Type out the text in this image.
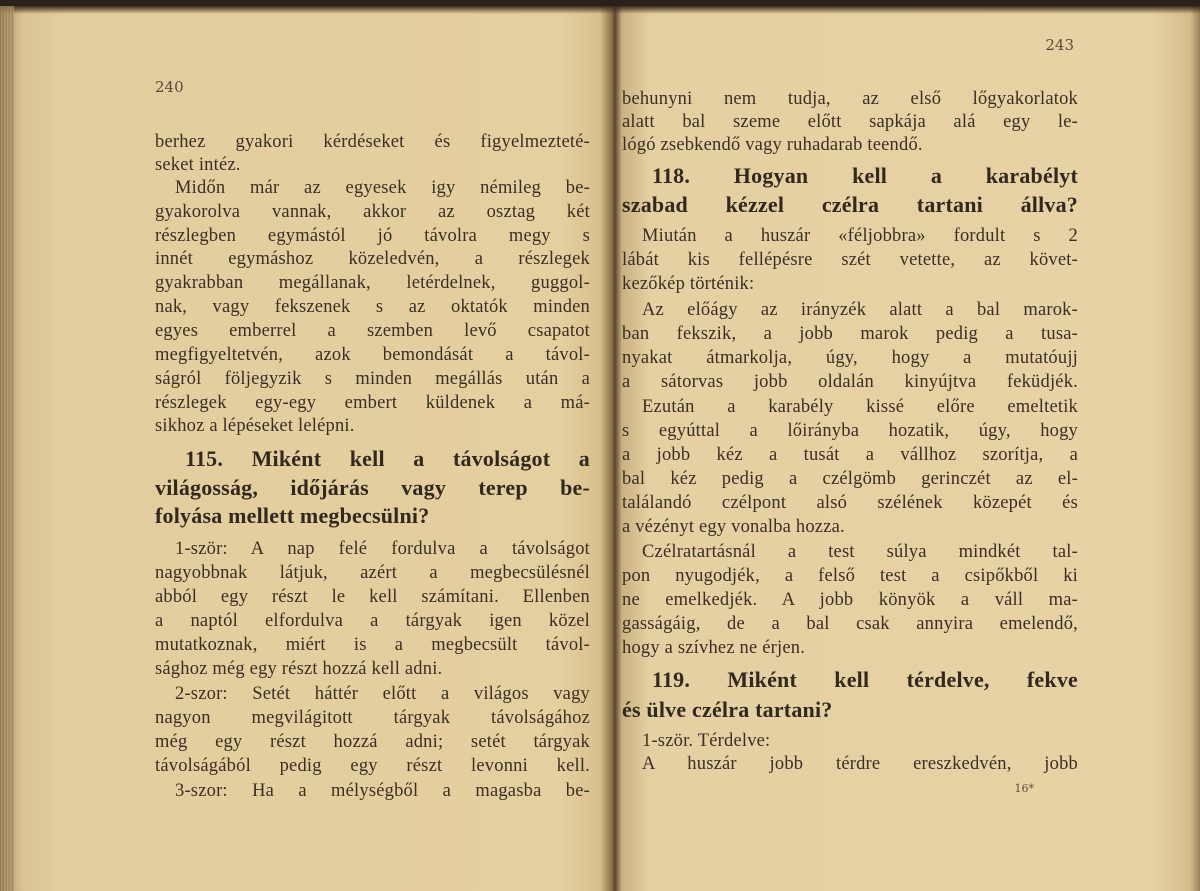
240
berhez gyakori kérdéseket és figyelmezteté-
seket intéz.
Midőn már az egyesek igy némileg be-
gyakorolva vannak, akkor az osztag két
részlegben egymástól jó távolra megy s
innét egymáshoz közeledvén, a részlegek
gyakrabban megállanak, letérdelnek, guggol-
nak, vagy fekszenek s az oktatók minden
egyes emberrel a szemben levő csapatot
megfigyeltetvén, azok bemondását a távol-
ságról följegyzik s minden megállás után a
részlegek egy-egy embert küldenek a má-
sikhoz a lépéseket lelépni.
115. Miként kell a távolságot a
világosság, időjárás vagy terep be-
folyása mellett megbecsülni?
1-ször: A nap felé fordulva a távolságot
nagyobbnak látjuk, azért a megbecsülésnél
abból egy részt le kell számítani. Ellenben
a naptól elfordulva a tárgyak igen közel
mutatkoznak, miért is a megbecsült távol-
sághoz még egy részt hozzá kell adni.
2-szor: Setét háttér előtt a világos vagy
nagyon megvilágitott tárgyak távolságához
még egy részt hozzá adni; setét tárgyak
távolságából pedig egy részt levonni kell.
3-szor: Ha a mélységből a magasba be-
243
16*
behunyni nem tudja, az első lőgyakorlatok
alatt bal szeme előtt sapkája alá egy le-
lógó zsebkendő vagy ruhadarab teendő.
118. Hogyan kell a karabélyt
szabad kézzel czélra tartani állva?
Miután a huszár «féljobbra» fordult s 2
lábát kis fellépésre szét vetette, az követ-
kezőkép történik:
Az előágy az irányzék alatt a bal marok-
ban fekszik, a jobb marok pedig a tusa-
nyakat átmarkolja, úgy, hogy a mutatóujj
a sátorvas jobb oldalán kinyújtva feküdjék.
Ezután a karabély kissé előre emeltetik
s egyúttal a lőirányba hozatik, úgy, hogy
a jobb kéz a tusát a vállhoz szorítja, a
bal kéz pedig a czélgömb gerinczét az el-
találandó czélpont alsó szélének közepét és
a vézényt egy vonalba hozza.
Czélratartásnál a test súlya mindkét tal-
pon nyugodjék, a felső test a csipőkből ki
ne emelkedjék. A jobb könyök a váll ma-
gasságáig, de a bal csak annyira emelendő,
hogy a szívhez ne érjen.
119. Miként kell térdelve, fekve
és ülve czélra tartani?
1-ször. Térdelve:
A huszár jobb térdre ereszkedvén, jobb
